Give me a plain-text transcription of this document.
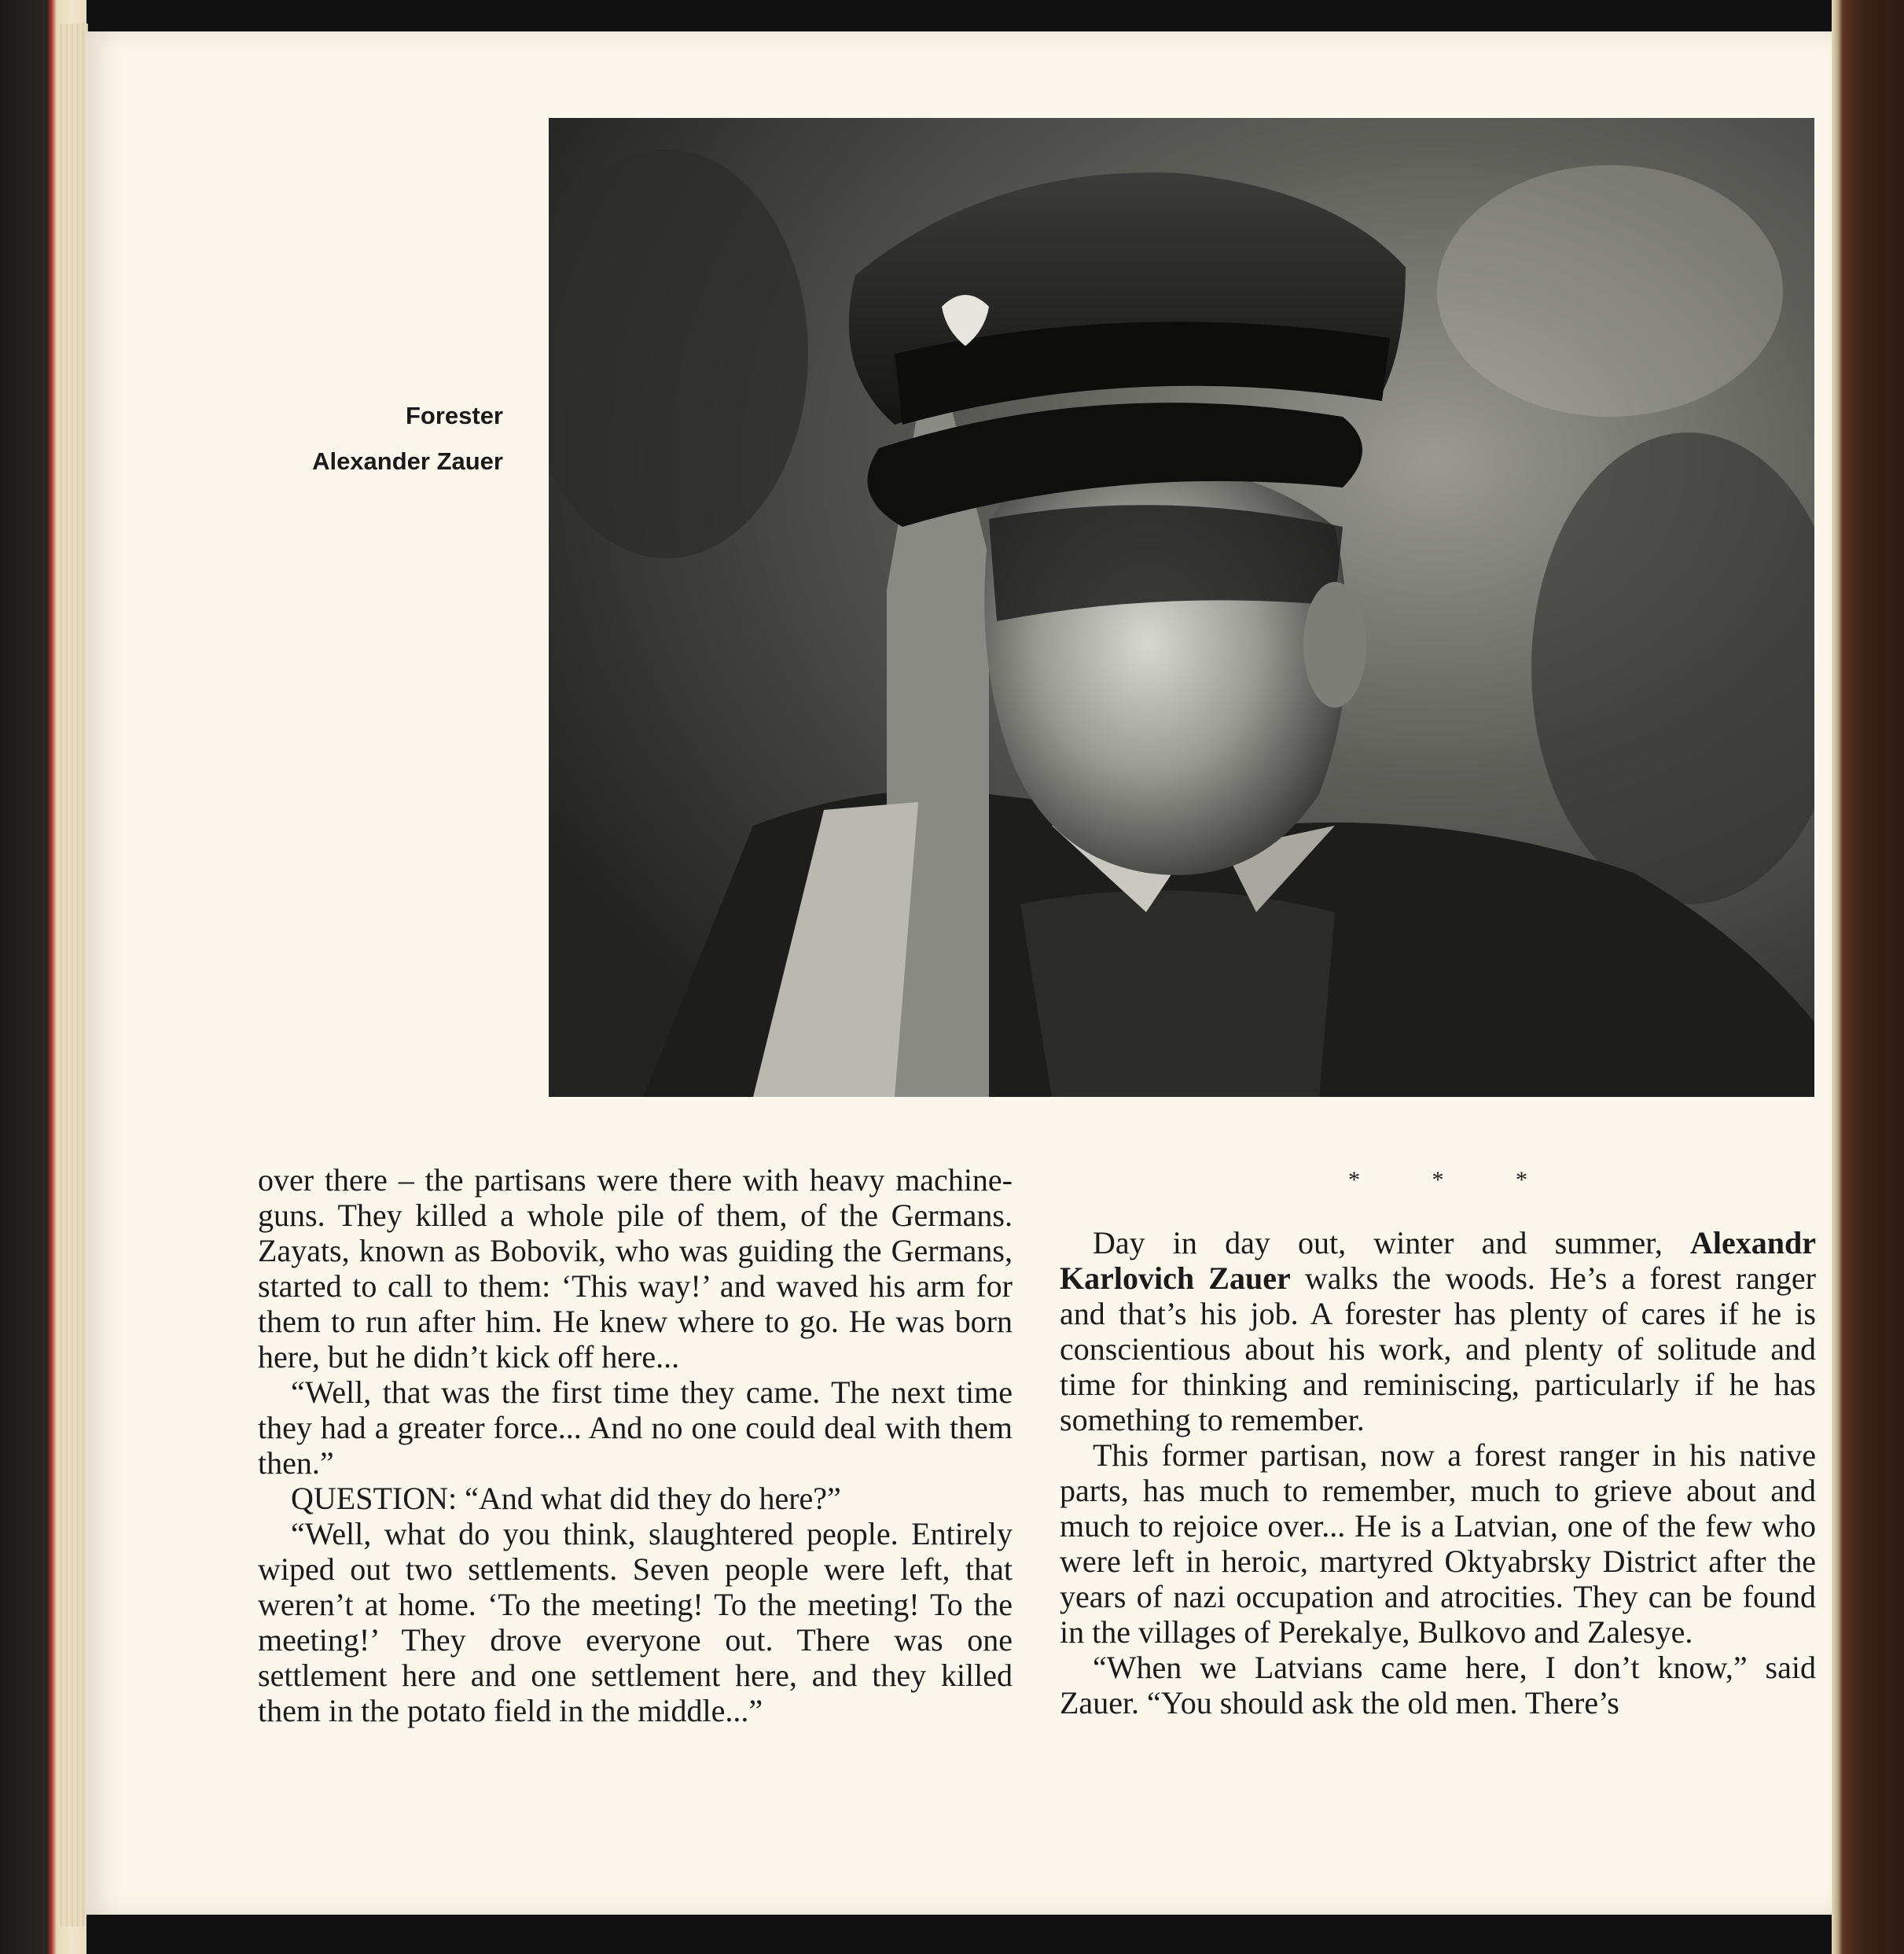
Forester
Alexander Zauer

over there – the partisans were there with heavy machine-guns. They killed a whole pile of them, of the Germans. Zayats, known as Bobovik, who was guiding the Germans, started to call to them: ‘This way!’ and waved his arm for them to run after him. He knew where to go. He was born here, but he didn’t kick off here...

“Well, that was the first time they came. The next time they had a greater force... And no one could deal with them then.”

QUESTION: “And what did they do here?”

“Well, what do you think, slaughtered people. Entirely wiped out two settlements. Seven people were left, that weren’t at home. ‘To the meeting! To the meeting! To the meeting!’ They drove everyone out. There was one settlement here and one settlement here, and they killed them in the potato field in the middle...”

* * *

Day in day out, winter and summer, Alexandr Karlovich Zauer walks the woods. He’s a forest ranger and that’s his job. A forester has plenty of cares if he is conscientious about his work, and plenty of solitude and time for thinking and reminiscing, particularly if he has something to remember.

This former partisan, now a forest ranger in his native parts, has much to remember, much to grieve about and much to rejoice over... He is a Latvian, one of the few who were left in heroic, martyred Oktyabrsky District after the years of nazi occupation and atrocities. They can be found in the villages of Perekalye, Bulkovo and Zalesye.

“When we Latvians came here, I don’t know,” said Zauer. “You should ask the old men. There’s
